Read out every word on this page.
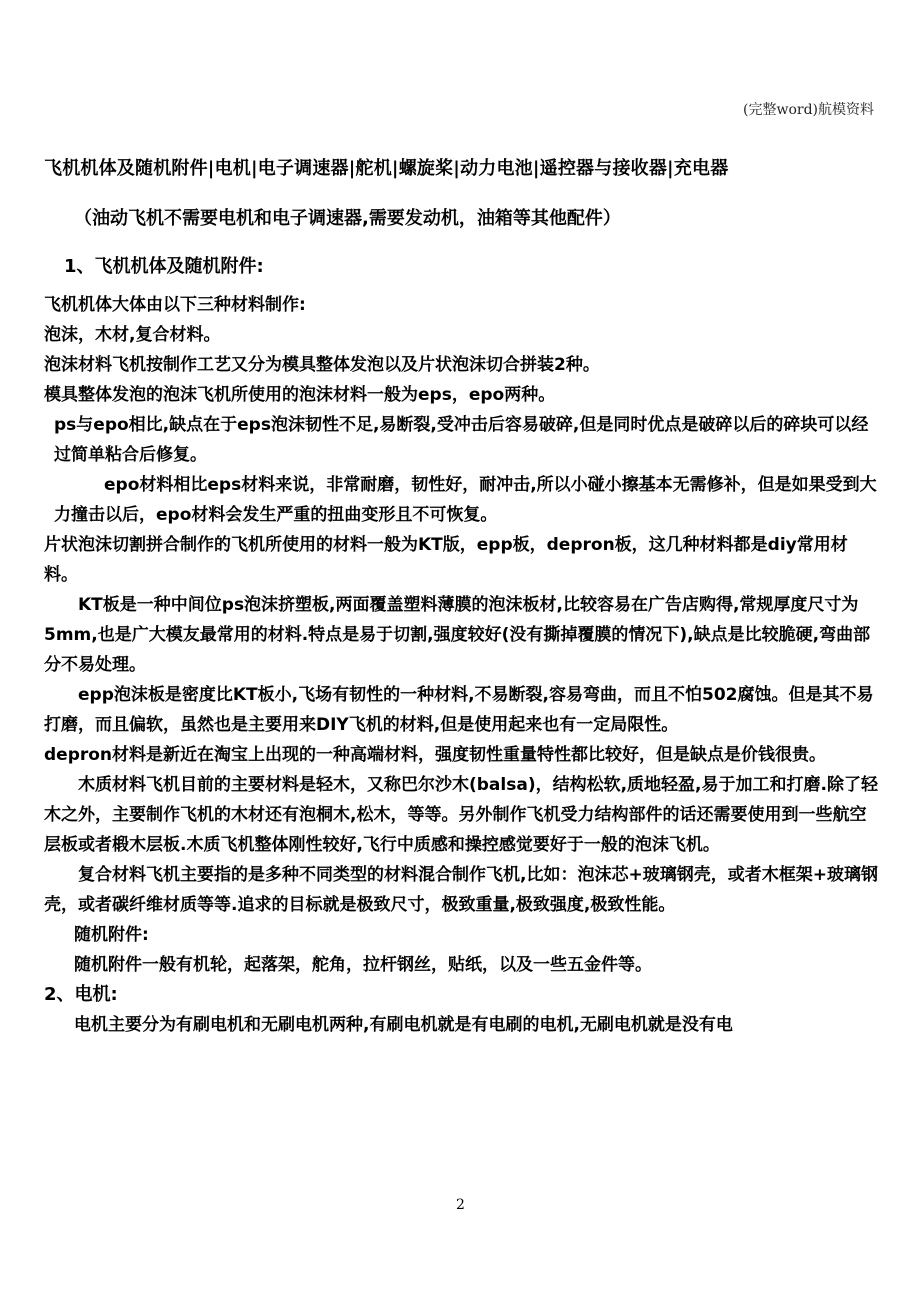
(完整word)航模资料
飞机机体及随机附件|电机|电子调速器|舵机|螺旋桨|动力电池|遥控器与接收器|充电器
（油动飞机不需要电机和电子调速器,需要发动机，油箱等其他配件）
1、飞机机体及随机附件:

飞机机体大体由以下三种材料制作:

泡沫，木材,复合材料。

泡沫材料飞机按制作工艺又分为模具整体发泡以及片状泡沫切合拼装2种。

模具整体发泡的泡沫飞机所使用的泡沫材料一般为eps，epo两种。

ps与epo相比,缺点在于eps泡沫韧性不足,易断裂,受冲击后容易破碎,但是同时优点是破碎以后的碎块可以经过简单粘合后修复。

epo材料相比eps材料来说，非常耐磨，韧性好，耐冲击,所以小碰小擦基本无需修补，但是如果受到大力撞击以后，epo材料会发生严重的扭曲变形且不可恢复。

片状泡沫切割拼合制作的飞机所使用的材料一般为KT版，epp板，depron板，这几种材料都是diy常用材料。

KT板是一种中间位ps泡沫挤塑板,两面覆盖塑料薄膜的泡沫板材,比较容易在广告店购得,常规厚度尺寸为5mm,也是广大模友最常用的材料.特点是易于切割,强度较好(没有撕掉覆膜的情况下),缺点是比较脆硬,弯曲部分不易处理。

epp泡沫板是密度比KT板小,飞场有韧性的一种材料,不易断裂,容易弯曲，而且不怕502腐蚀。但是其不易打磨，而且偏软，虽然也是主要用来DIY飞机的材料,但是使用起来也有一定局限性。

depron材料是新近在淘宝上出现的一种高端材料，强度韧性重量特性都比较好，但是缺点是价钱很贵。

木质材料飞机目前的主要材料是轻木，又称巴尔沙木(balsa)，结构松软,质地轻盈,易于加工和打磨.除了轻木之外，主要制作飞机的木材还有泡桐木,松木，等等。另外制作飞机受力结构部件的话还需要使用到一些航空层板或者椴木层板.木质飞机整体刚性较好,飞行中质感和操控感觉要好于一般的泡沫飞机。

复合材料飞机主要指的是多种不同类型的材料混合制作飞机,比如：泡沫芯+玻璃钢壳，或者木框架+玻璃钢壳，或者碳纤维材质等等.追求的目标就是极致尺寸，极致重量,极致强度,极致性能。

随机附件:

随机附件一般有机轮，起落架，舵角，拉杆钢丝，贴纸，以及一些五金件等。

2、电机:

电机主要分为有刷电机和无刷电机两种,有刷电机就是有电刷的电机,无刷电机就是没有电

2
